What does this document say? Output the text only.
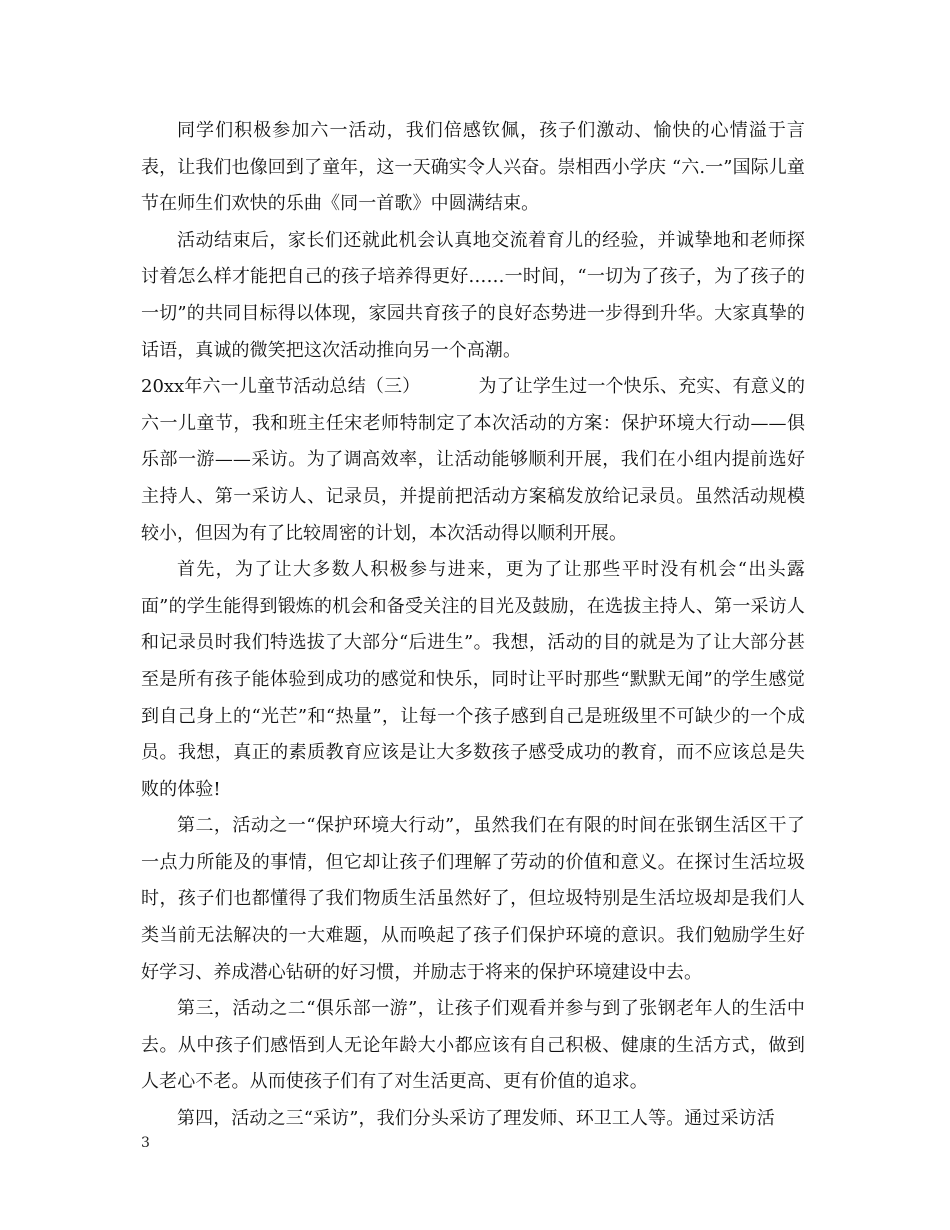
同学们积极参加六一活动，我们倍感钦佩，孩子们激动、愉快的心情溢于言表，让我们也像回到了童年，这一天确实令人兴奋。崇相西小学庆 “六.一”国际儿童节在师生们欢快的乐曲《同一首歌》中圆满结束。

活动结束后，家长们还就此机会认真地交流着育儿的经验，并诚挚地和老师探讨着怎么样才能把自己的孩子培养得更好……一时间，“一切为了孩子，为了孩子的一切”的共同目标得以体现，家园共育孩子的良好态势进一步得到升华。大家真挚的话语，真诚的微笑把这次活动推向另一个高潮。

20xx年六一儿童节活动总结（三）	为了让学生过一个快乐、充实、有意义的六一儿童节，我和班主任宋老师特制定了本次活动的方案：保护环境大行动——俱乐部一游——采访。为了调高效率，让活动能够顺利开展，我们在小组内提前选好主持人、第一采访人、记录员，并提前把活动方案稿发放给记录员。虽然活动规模较小，但因为有了比较周密的计划，本次活动得以顺利开展。

首先，为了让大多数人积极参与进来，更为了让那些平时没有机会“出头露面”的学生能得到锻炼的机会和备受关注的目光及鼓励，在选拔主持人、第一采访人和记录员时我们特选拔了大部分“后进生”。我想，活动的目的就是为了让大部分甚至是所有孩子能体验到成功的感觉和快乐，同时让平时那些“默默无闻”的学生感觉到自己身上的“光芒”和“热量”，让每一个孩子感到自己是班级里不可缺少的一个成员。我想，真正的素质教育应该是让大多数孩子感受成功的教育，而不应该总是失败的体验!

第二，活动之一“保护环境大行动”，虽然我们在有限的时间在张钢生活区干了一点力所能及的事情，但它却让孩子们理解了劳动的价值和意义。在探讨生活垃圾时，孩子们也都懂得了我们物质生活虽然好了，但垃圾特别是生活垃圾却是我们人类当前无法解决的一大难题，从而唤起了孩子们保护环境的意识。我们勉励学生好好学习、养成潜心钻研的好习惯，并励志于将来的保护环境建设中去。

第三，活动之二“俱乐部一游”，让孩子们观看并参与到了张钢老年人的生活中去。从中孩子们感悟到人无论年龄大小都应该有自己积极、健康的生活方式，做到人老心不老。从而使孩子们有了对生活更高、更有价值的追求。

第四，活动之三“采访”，我们分头采访了理发师、环卫工人等。通过采访活

3
